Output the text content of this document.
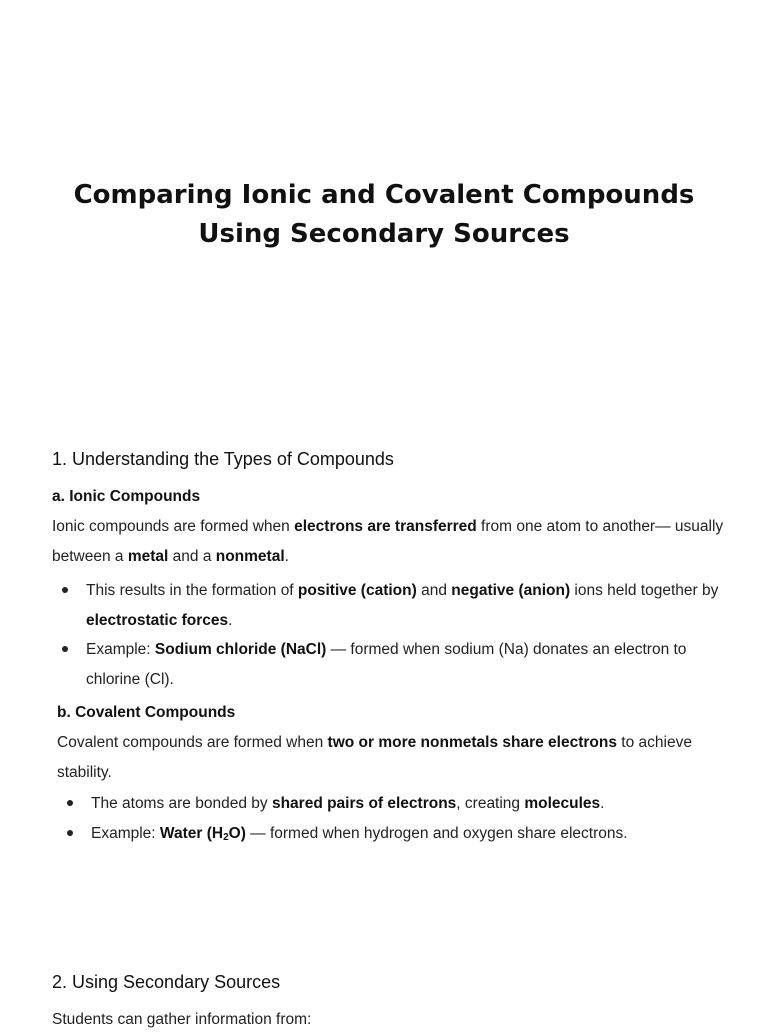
Comparing Ionic and Covalent Compounds
Using Secondary Sources
1. Understanding the Types of Compounds
a. Ionic Compounds

Ionic compounds are formed when electrons are transferred from one atom to another— usually between a metal and a nonmetal.

This results in the formation of positive (cation) and negative (anion) ions held together by electrostatic forces.
Example: Sodium chloride (NaCl) — formed when sodium (Na) donates an electron to chlorine (Cl).
b. Covalent Compounds

Covalent compounds are formed when two or more nonmetals share electrons to achieve stability.

The atoms are bonded by shared pairs of electrons, creating molecules.
Example: Water $(H_2O)$ — formed when hydrogen and oxygen share electrons.
2. Using Secondary Sources

Students can gather information from:
